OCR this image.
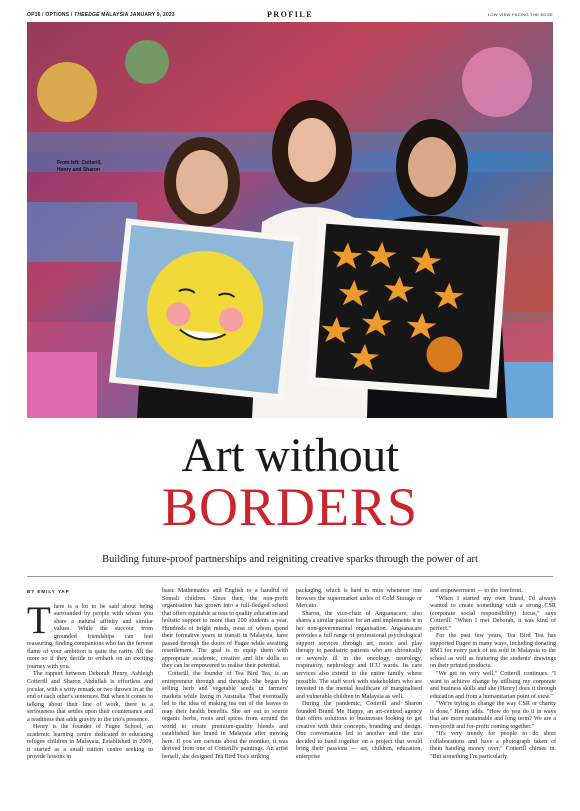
OP16 / OPTIONS / THEEDGE MALAYSIA JANUARY 9, 2023	PROFILE	LOW VIEW FACING THE EDGE
From left: Cotterill, Henry and Sharon
Art without
BORDERS
Building future-proof partnerships and reigniting creative sparks through the power of art
BY EMILY YAP

There is a lot to be said about being surrounded by people with whom you share a natural affinity and similar values. While the succour from grounded friendships can feel reassuring, finding companions who fan the fervent flame of your ambition is quite the rarity. All the more so if they decide to embark on an exciting journey with you.

The rapport between Deborah Henry, Ashleigh Cotterill and Sharon Abdullah is effortless and jocular, with a witty remark or two thrown in at the end of each other's sentences. But when it comes to talking about their line of work, there is a seriousness that settles upon their countenance and a readiness that adds gravity to the trio's presence.

Henry is the founder of Fugee School, an academic learning centre dedicated to educating refugee children in Malaysia. Established in 2009, it started as a small tuition centre seeking to provide lessons in

basic Mathematics and English to a handful of Somali children. Since then, the non-profit organisation has grown into a full-fledged school that offers equitable access to quality education and holistic support to more than 200 students a year. Hundreds of bright minds, most of whom spend their formative years in transit in Malaysia, have passed through the doors of Fugee while awaiting resettlement. The goal is to equip them with appropriate academic, creative and life skills so they can be empowered to realise their potential.

Cotterill, the founder of Tea Bird Tea, is an entrepreneur through and through. She began by selling herb and vegetable seeds in farmers' markets while living in Australia. That eventually led to the idea of making tea out of the leaves to reap their health benefits. She set out to source organic herbs, roots and spices from around the world to create premium-quality blends and established her brand in Malaysia after moving here. If you are curious about the moniker, it was derived from one of Cotterill's paintings. An artist herself, she designed Tea Bird Tea's striking

packaging, which is hard to miss whenever one browses the supermarket aisles of Cold Storage or Mercato.

Sharon, the vice-chair of Angsanacare, also shares a similar passion for art and implements it in her non-governmental organisation. Angsanacare provides a full range of professional psychological support services through art, music and play therapy to paediatric patients who are chronically or severely ill in the oncology, neurology, respiratory, nephrology and ICU wards. Its care services also extend to the entire family where possible. The staff work with stakeholders who are invested in the mental healthcare of marginalised and vulnerable children in Malaysia as well.

During the pandemic, Cotterill and Sharon founded Brand Me Happy, an art-centred agency that offers solutions to businesses looking to get creative with their concepts, branding and design. One conversation led to another and the trio decided to band together on a project that would bring their passions — art, children, education, enterprise

and empowerment — to the forefront.

"When I started my own brand, I'd always wanted to create something with a strong CSR (corporate social responsibility) focus," says Cotterill. "When I met Deborah, it was kind of perfect."

For the past few years, Tea Bird Tea has supported Fugee in many ways, including donating RM1 for every pack of tea sold in Malaysia to the school as well as featuring the students' drawings on their printed products.

"We get on very well," Cotterill continues. "I want to achieve change by utilising my corporate and business skills and she [Henry] does it through education and from a humanitarian point of view."

"We're trying to change the way CSR or charity is done," Henry adds. "How do you do it in ways that are more sustainable and long term? We are a non-profit and for-profit coming together."

"It's very trendy for people to do short collaborations and have a photograph taken of them handing money over," Cotterill chimes in. "But something I'm particularly
